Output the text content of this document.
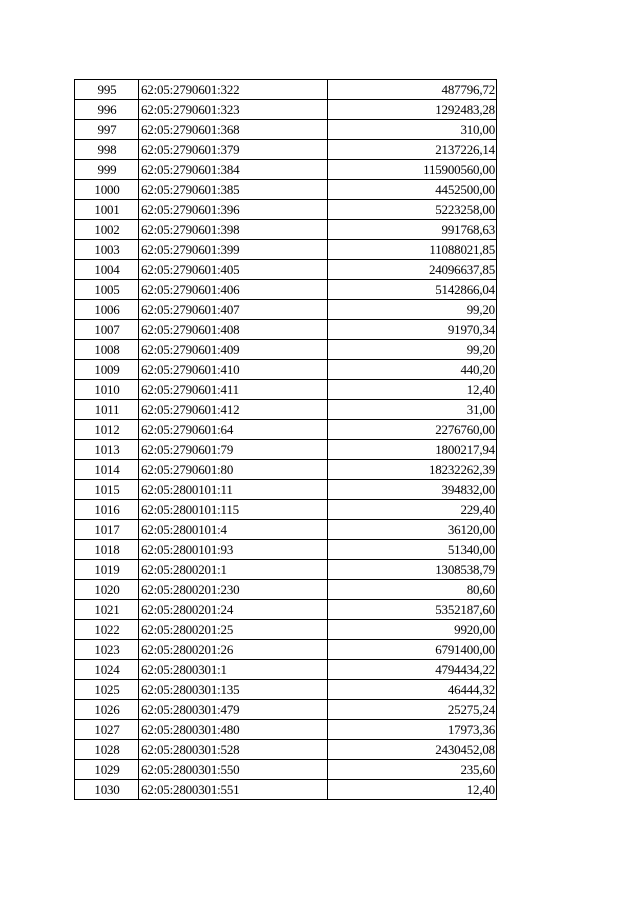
995	62:05:2790601:322	487796,72
996	62:05:2790601:323	1292483,28
997	62:05:2790601:368	310,00
998	62:05:2790601:379	2137226,14
999	62:05:2790601:384	115900560,00
1000	62:05:2790601:385	4452500,00
1001	62:05:2790601:396	5223258,00
1002	62:05:2790601:398	991768,63
1003	62:05:2790601:399	11088021,85
1004	62:05:2790601:405	24096637,85
1005	62:05:2790601:406	5142866,04
1006	62:05:2790601:407	99,20
1007	62:05:2790601:408	91970,34
1008	62:05:2790601:409	99,20
1009	62:05:2790601:410	440,20
1010	62:05:2790601:411	12,40
1011	62:05:2790601:412	31,00
1012	62:05:2790601:64	2276760,00
1013	62:05:2790601:79	1800217,94
1014	62:05:2790601:80	18232262,39
1015	62:05:2800101:11	394832,00
1016	62:05:2800101:115	229,40
1017	62:05:2800101:4	36120,00
1018	62:05:2800101:93	51340,00
1019	62:05:2800201:1	1308538,79
1020	62:05:2800201:230	80,60
1021	62:05:2800201:24	5352187,60
1022	62:05:2800201:25	9920,00
1023	62:05:2800201:26	6791400,00
1024	62:05:2800301:1	4794434,22
1025	62:05:2800301:135	46444,32
1026	62:05:2800301:479	25275,24
1027	62:05:2800301:480	17973,36
1028	62:05:2800301:528	2430452,08
1029	62:05:2800301:550	235,60
1030	62:05:2800301:551	12,40
